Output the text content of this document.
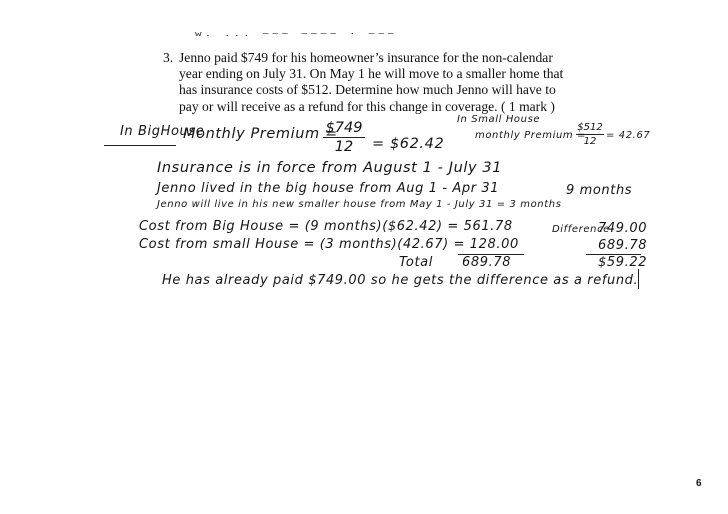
w. ... ~~~ ~~~~ · ~~~
3. Jenno paid $749 for his homeowner’s insurance for the non-calendar
year ending on July 31. On May 1 he will move to a smaller home that
has insurance costs of $512. Determine how much Jenno will have to
pay or will receive as a refund for this change in coverage. ( 1 mark )
In Small House
monthly Premium =
$512
12
= 42.67
In BigHouse
Monthly Premium =
$749
12	= $62.42
Insurance is in force from August 1 - July 31
Jenno lived in the big house from Aug 1 - Apr 31	9 months
Jenno will live in his new smaller house from May 1 - July 31 = 3 months
Cost from Big House = (9 months)($62.42) = 561.78
Cost from small House = (3 months)(42.67) = 128.00
Total 689.78
Difference
749.00
689.78
$59.22
He has already paid $749.00 so he gets the difference as a refund.
6
